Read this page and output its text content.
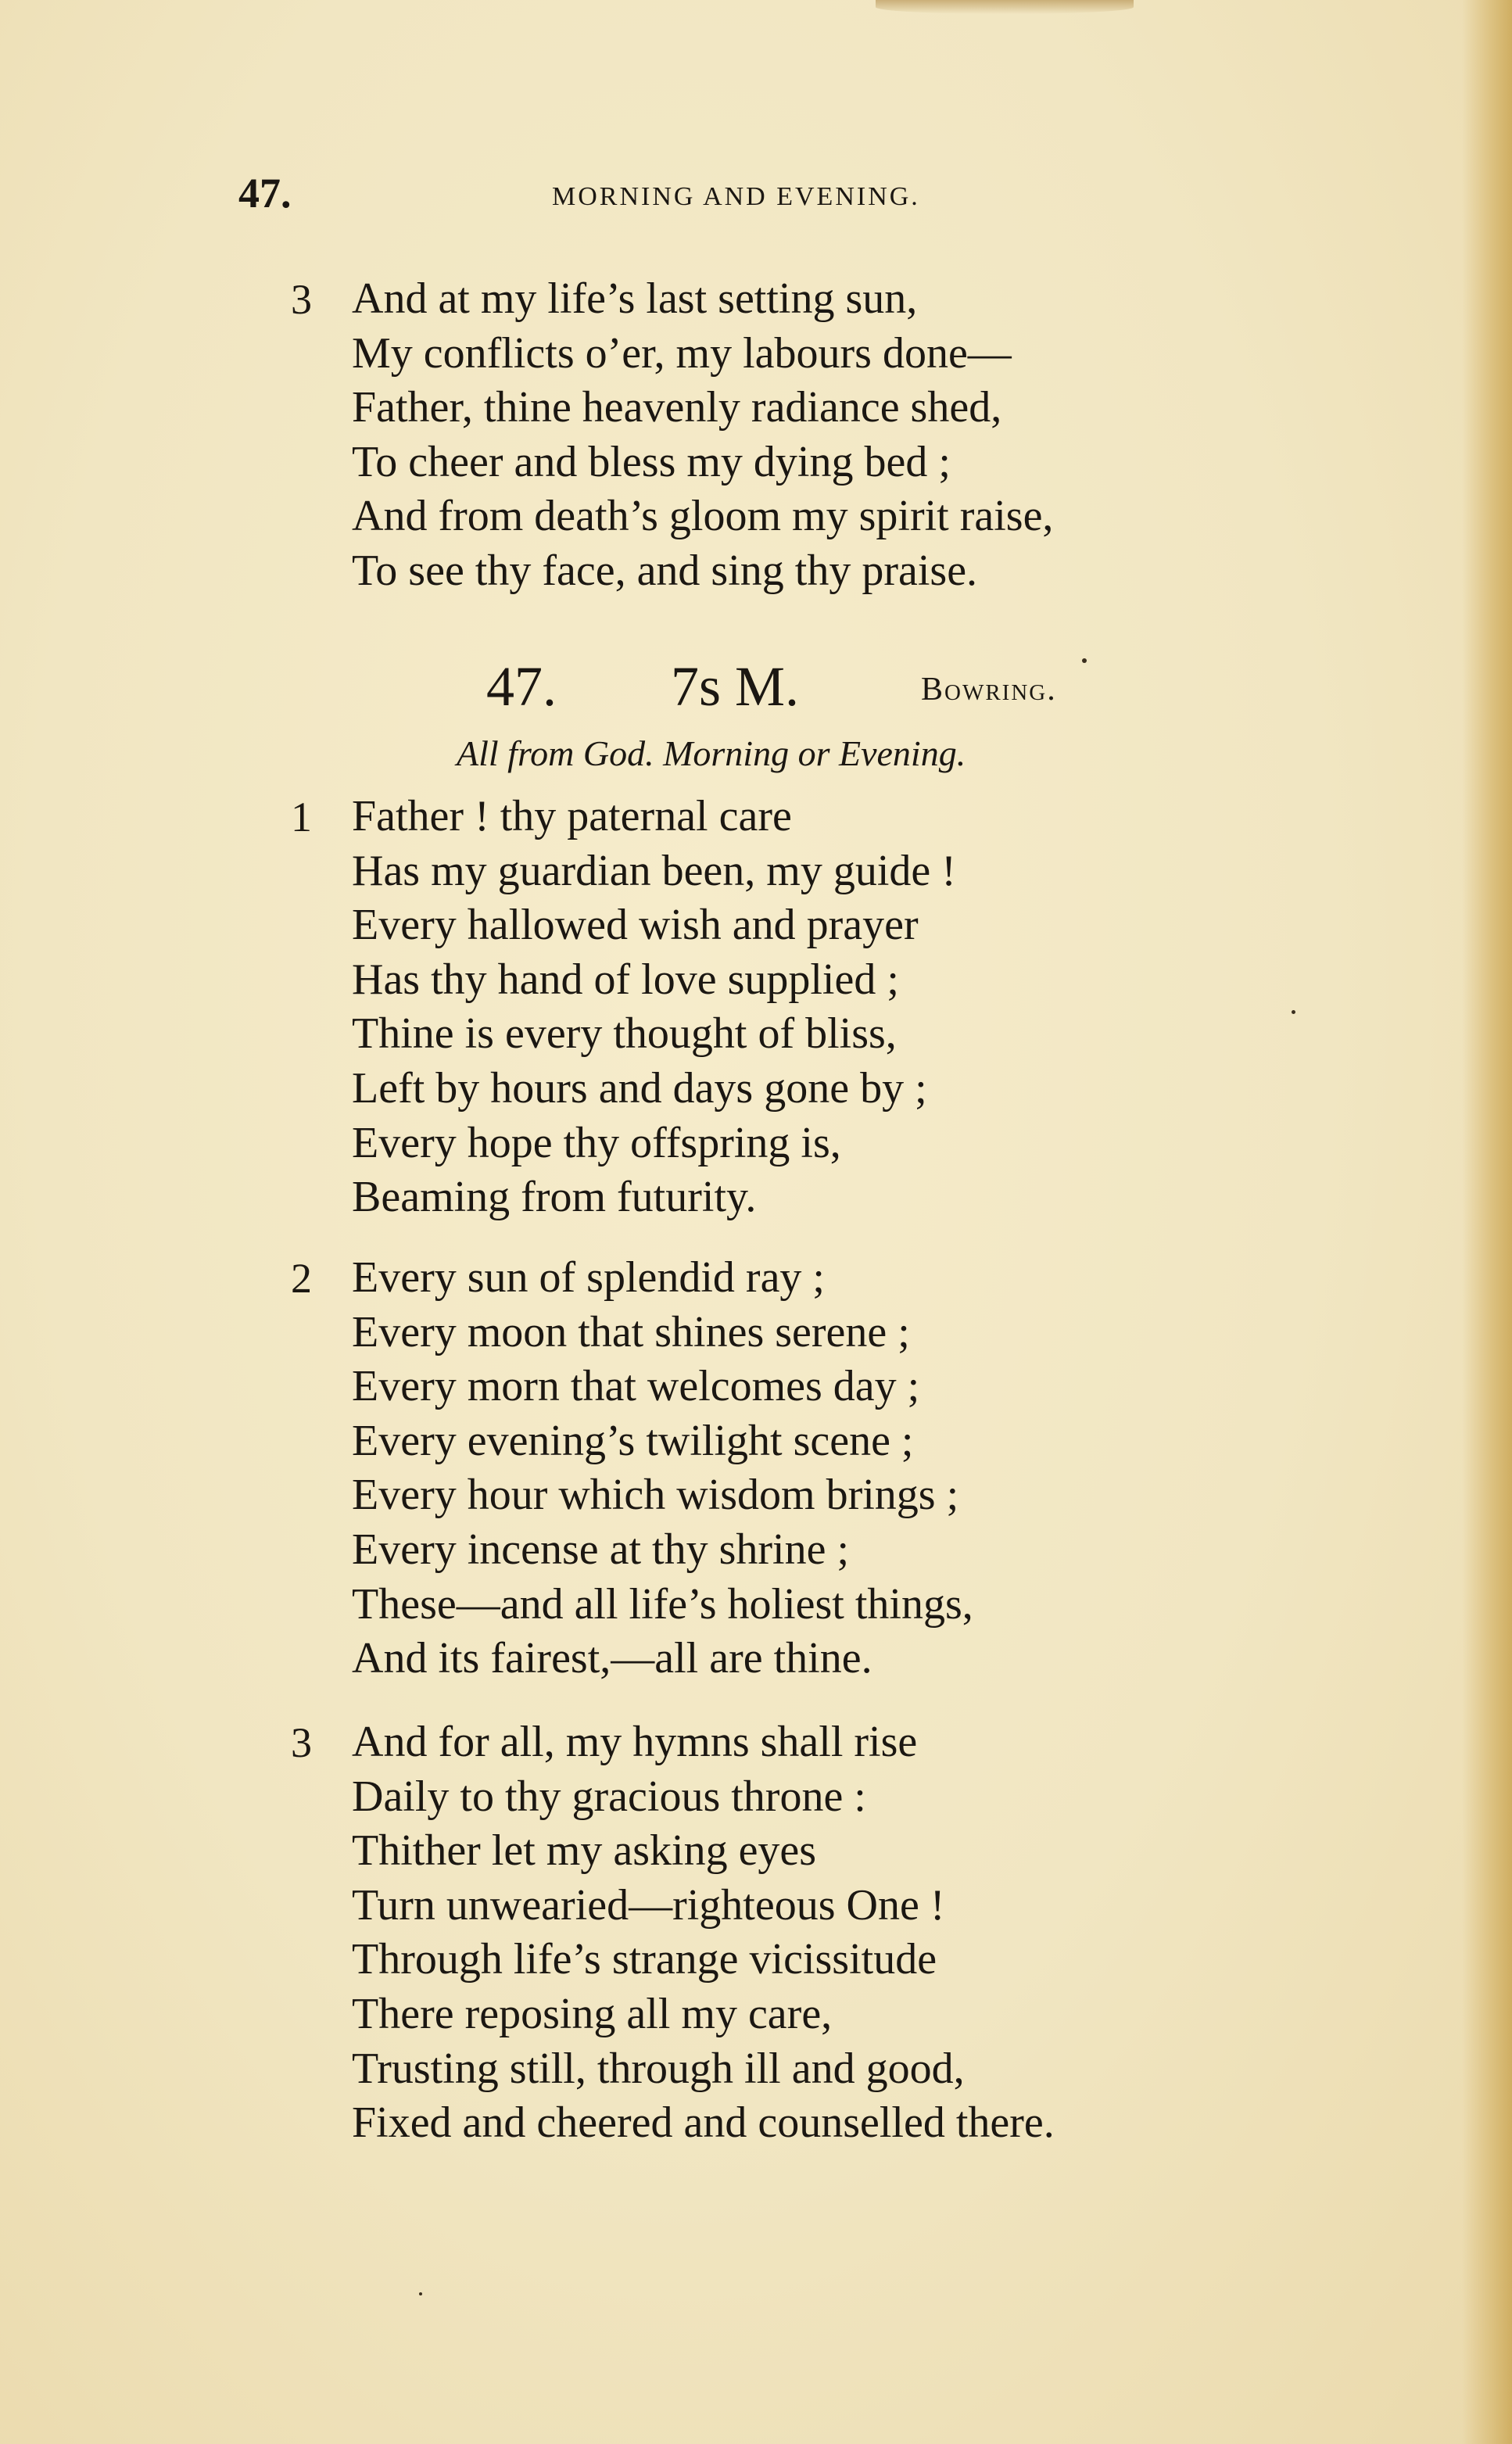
47.	MORNING AND EVENING.
3 And at my life’s last setting sun,
My conflicts o’er, my labours done—
Father, thine heavenly radiance shed,
To cheer and bless my dying bed ;
And from death’s gloom my spirit raise,
To see thy face, and sing thy praise.
47. 7s M.	Bowring.
All from God. Morning or Evening.
1 Father ! thy paternal care
Has my guardian been, my guide !
Every hallowed wish and prayer
Has thy hand of love supplied ;
Thine is every thought of bliss,
Left by hours and days gone by ;
Every hope thy offspring is,
Beaming from futurity.
2 Every sun of splendid ray ;
Every moon that shines serene ;
Every morn that welcomes day ;
Every evening’s twilight scene ;
Every hour which wisdom brings ;
Every incense at thy shrine ;
These—and all life’s holiest things,
And its fairest,—all are thine.
3 And for all, my hymns shall rise
Daily to thy gracious throne :
Thither let my asking eyes
Turn unwearied—righteous One !
Through life’s strange vicissitude
There reposing all my care,
Trusting still, through ill and good,
Fixed and cheered and counselled there.
